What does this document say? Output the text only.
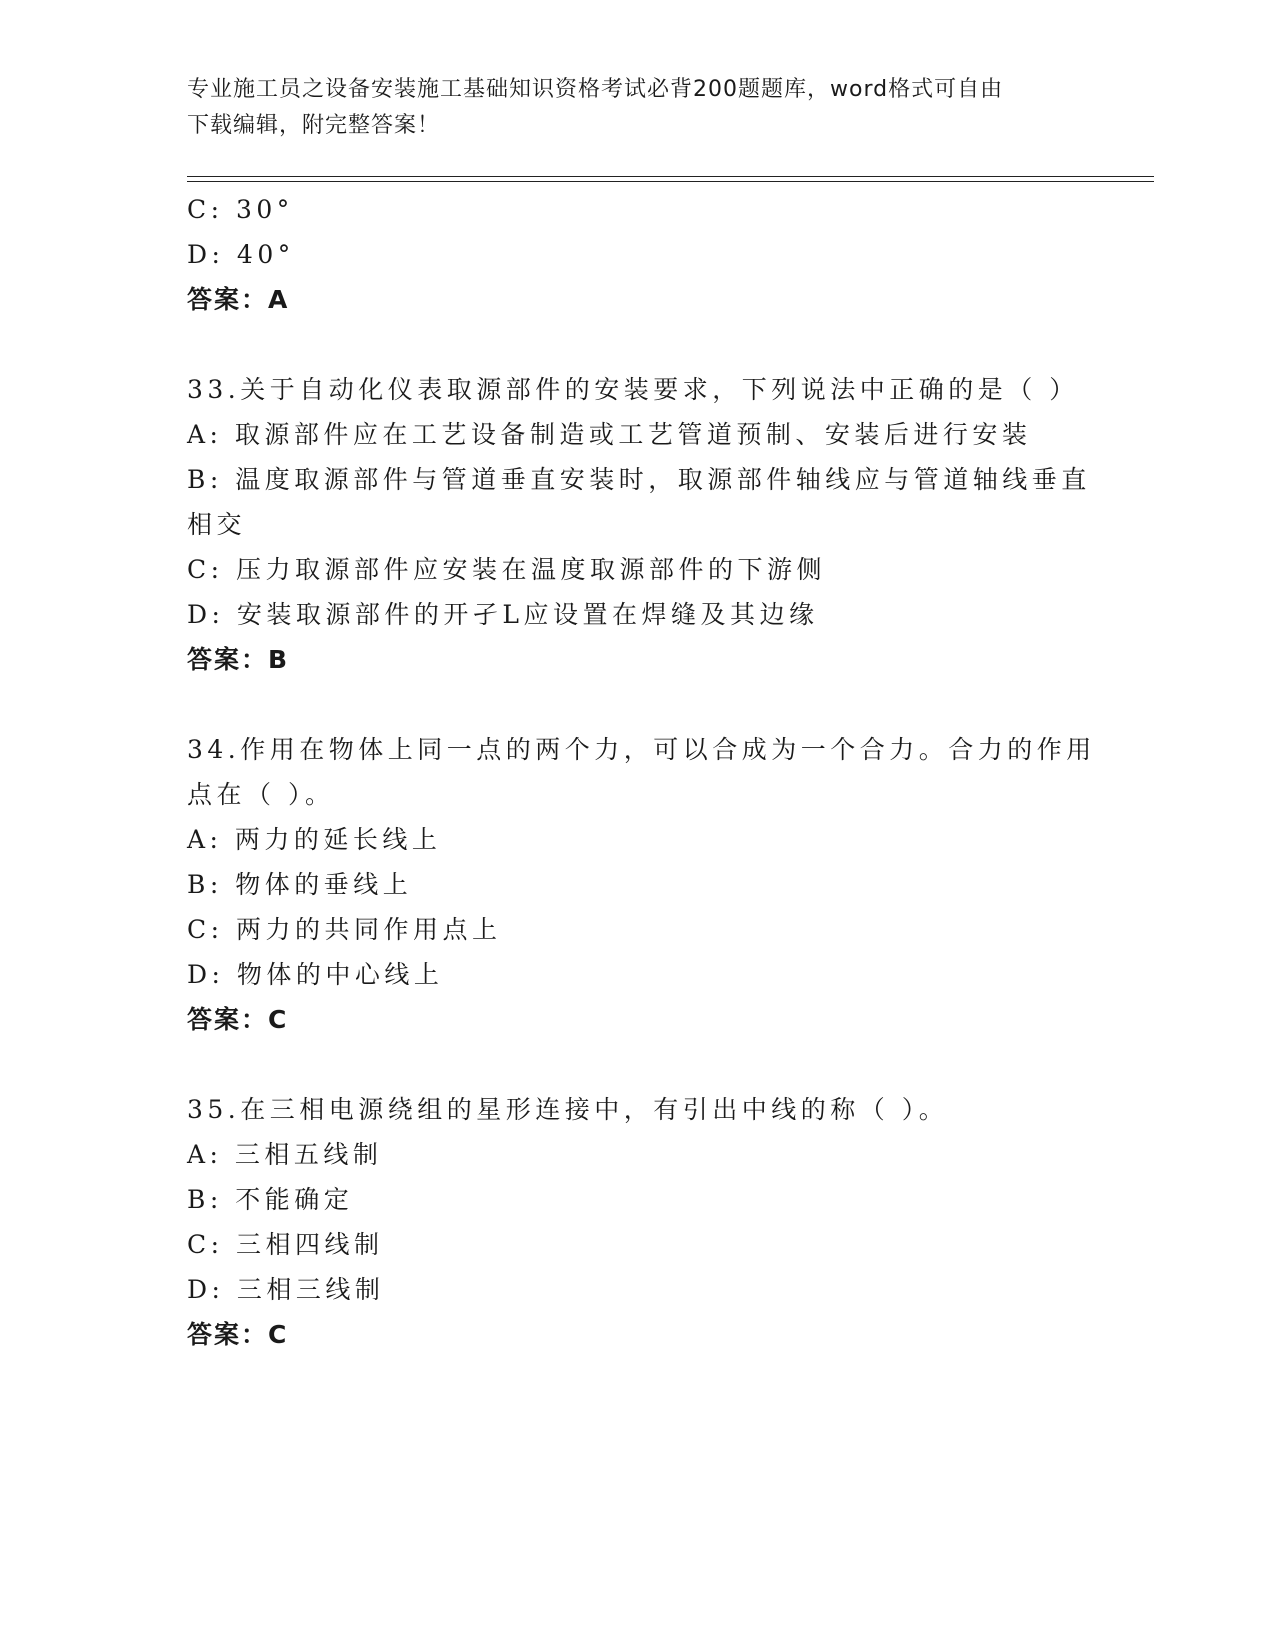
专业施工员之设备安装施工基础知识资格考试必背200题题库，word格式可自由
下载编辑，附完整答案！
C: 30°
D: 40°
答案：A
33.关于自动化仪表取源部件的安装要求，下列说法中正确的是（ ）
A: 取源部件应在工艺设备制造或工艺管道预制、安装后进行安装
B: 温度取源部件与管道垂直安装时，取源部件轴线应与管道轴线垂直
相交
C: 压力取源部件应安装在温度取源部件的下游侧
D: 安装取源部件的开孑L应设置在焊缝及其边缘
答案：B
34.作用在物体上同一点的两个力，可以合成为一个合力。合力的作用
点在（ ）。
A: 两力的延长线上
B: 物体的垂线上
C: 两力的共同作用点上
D: 物体的中心线上
答案：C
35.在三相电源绕组的星形连接中，有引出中线的称（ ）。
A: 三相五线制
B: 不能确定
C: 三相四线制
D: 三相三线制
答案：C
